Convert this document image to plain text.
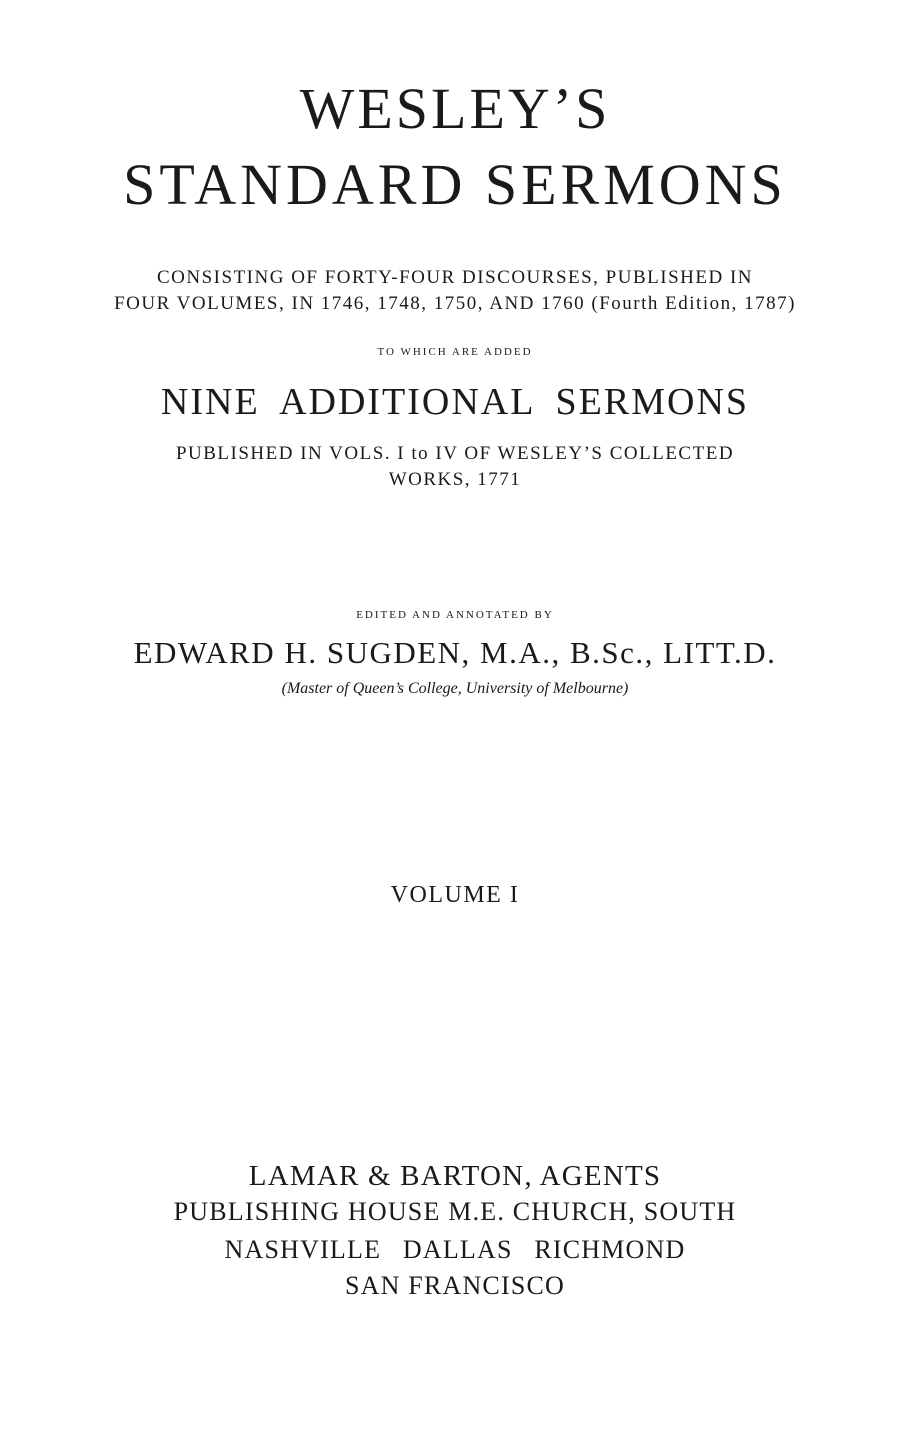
WESLEY’S
STANDARD SERMONS

CONSISTING OF FORTY-FOUR DISCOURSES, PUBLISHED IN

FOUR VOLUMES, IN 1746, 1748, 1750, AND 1760 (Fourth Edition, 1787)

TO WHICH ARE ADDED

NINE ADDITIONAL SERMONS

PUBLISHED IN VOLS. I to IV OF WESLEY’S COLLECTED

WORKS, 1771

EDITED AND ANNOTATED BY

EDWARD H. SUGDEN, M.A., B.Sc., LITT.D.

(Master of Queen’s College, University of Melbourne)

VOLUME I

LAMAR & BARTON, AGENTS

PUBLISHING HOUSE M.E. CHURCH, SOUTH

NASHVILLE DALLAS RICHMOND

SAN FRANCISCO
